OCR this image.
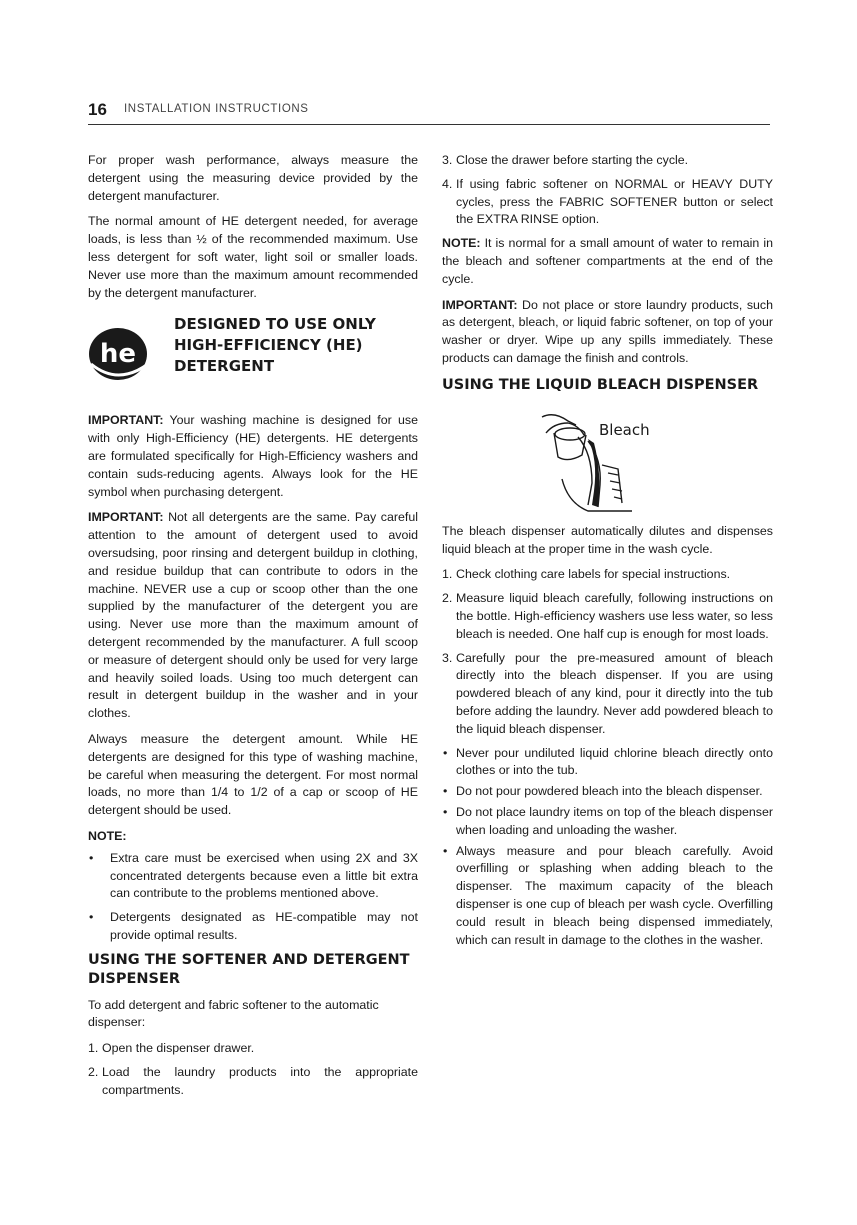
16 INSTALLATION INSTRUCTIONS

For proper wash performance, always measure the detergent using the measuring device provided by the detergent manufacturer.

The normal amount of HE detergent needed, for average loads, is less than ½ of the recommended maximum. Use less detergent for soft water, light soil or smaller loads. Never use more than the maximum amount recommended by the detergent manufacturer.

he
DESIGNED TO USE ONLY
HIGH-EFFICIENCY (HE)
DETERGENT

IMPORTANT: Your washing machine is designed for use with only High-Efficiency (HE) detergents. HE detergents are formulated specifically for High-Efficiency washers and contain suds-reducing agents. Always look for the HE symbol when purchasing detergent.

IMPORTANT: Not all detergents are the same. Pay careful attention to the amount of detergent used to avoid oversudsing, poor rinsing and detergent buildup in clothing, and residue buildup that can contribute to odors in the machine. NEVER use a cup or scoop other than the one supplied by the manufacturer of the detergent you are using. Never use more than the maximum amount of detergent recommended by the manufacturer. A full scoop or measure of detergent should only be used for very large and heavily soiled loads. Using too much detergent can result in detergent buildup in the washer and in your clothes.

Always measure the detergent amount. While HE detergents are designed for this type of washing machine, be careful when measuring the detergent. For most normal loads, no more than 1/4 to 1/2 of a cap or scoop of HE detergent should be used.

NOTE:

• Extra care must be exercised when using 2X and 3X concentrated detergents because even a little bit extra can contribute to the problems mentioned above.
• Detergents designated as HE-compatible may not provide optimal results.
USING THE SOFTENER AND DETERGENT DISPENSER

To add detergent and fabric softener to the automatic dispenser:

1. Open the dispenser drawer.
2. Load the laundry products into the appropriate compartments.
3. Close the drawer before starting the cycle.
4. If using fabric softener on NORMAL or HEAVY DUTY cycles, press the FABRIC SOFTENER button or select the EXTRA RINSE option.

NOTE: It is normal for a small amount of water to remain in the bleach and softener compartments at the end of the cycle.

IMPORTANT: Do not place or store laundry products, such as detergent, bleach, or liquid fabric softener, on top of your washer or dryer. Wipe up any spills immediately. These products can damage the finish and controls.

USING THE LIQUID BLEACH DISPENSER
Bleach

The bleach dispenser automatically dilutes and dispenses liquid bleach at the proper time in the wash cycle.

1. Check clothing care labels for special instructions.
2. Measure liquid bleach carefully, following instructions on the bottle. High-efficiency washers use less water, so less bleach is needed. One half cup is enough for most loads.
3. Carefully pour the pre-measured amount of bleach directly into the bleach dispenser. If you are using powdered bleach of any kind, pour it directly into the tub before adding the laundry. Never add powdered bleach to the liquid bleach dispenser.
• Never pour undiluted liquid chlorine bleach directly onto clothes or into the tub.
• Do not pour powdered bleach into the bleach dispenser.
• Do not place laundry items on top of the bleach dispenser when loading and unloading the washer.
• Always measure and pour bleach carefully. Avoid overfilling or splashing when adding bleach to the dispenser. The maximum capacity of the bleach dispenser is one cup of bleach per wash cycle. Overfilling could result in bleach being dispensed immediately, which can result in damage to the clothes in the washer.
